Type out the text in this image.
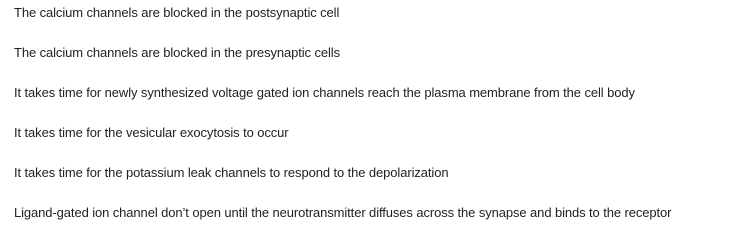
The calcium channels are blocked in the postsynaptic cell
The calcium channels are blocked in the presynaptic cells
It takes time for newly synthesized voltage gated ion channels reach the plasma membrane from the cell body
It takes time for the vesicular exocytosis to occur
It takes time for the potassium leak channels to respond to the depolarization
Ligand-gated ion channel don’t open until the neurotransmitter diffuses across the synapse and binds to the receptor
